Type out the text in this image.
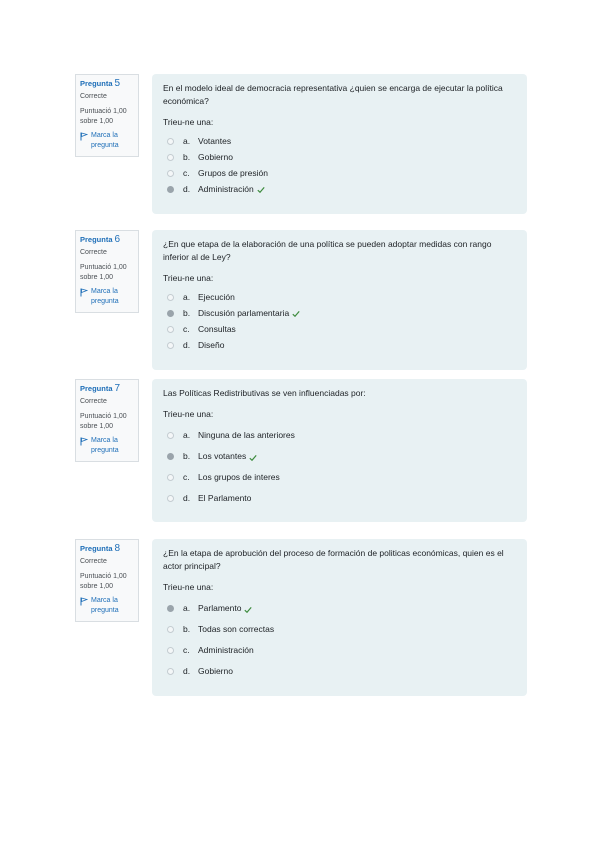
Pregunta 5
Correcte
Puntuació 1,00 sobre 1,00
Marca la pregunta

En el modelo ideal de democracia representativa ¿quien se encarga de ejecutar la política económica?

Trieu-ne una:

a. Votantes
b. Gobierno
c. Grupos de presión
d. Administración
Pregunta 6
Correcte
Puntuació 1,00 sobre 1,00
Marca la pregunta

¿En que etapa de la elaboración de una política se pueden adoptar medidas con rango inferior al de Ley?

Trieu-ne una:

a. Ejecución
b. Discusión parlamentaria
c. Consultas
d. Diseño
Pregunta 7
Correcte
Puntuació 1,00 sobre 1,00
Marca la pregunta

Las Políticas Redistributivas se ven influenciadas por:

Trieu-ne una:

a. Ninguna de las anteriores
b. Los votantes
c. Los grupos de interes
d. El Parlamento
Pregunta 8
Correcte
Puntuació 1,00 sobre 1,00
Marca la pregunta

¿En la etapa de aprobución del proceso de formación de politicas económicas, quien es el actor principal?

Trieu-ne una:

a. Parlamento
b. Todas son correctas
c. Administración
d. Gobierno
